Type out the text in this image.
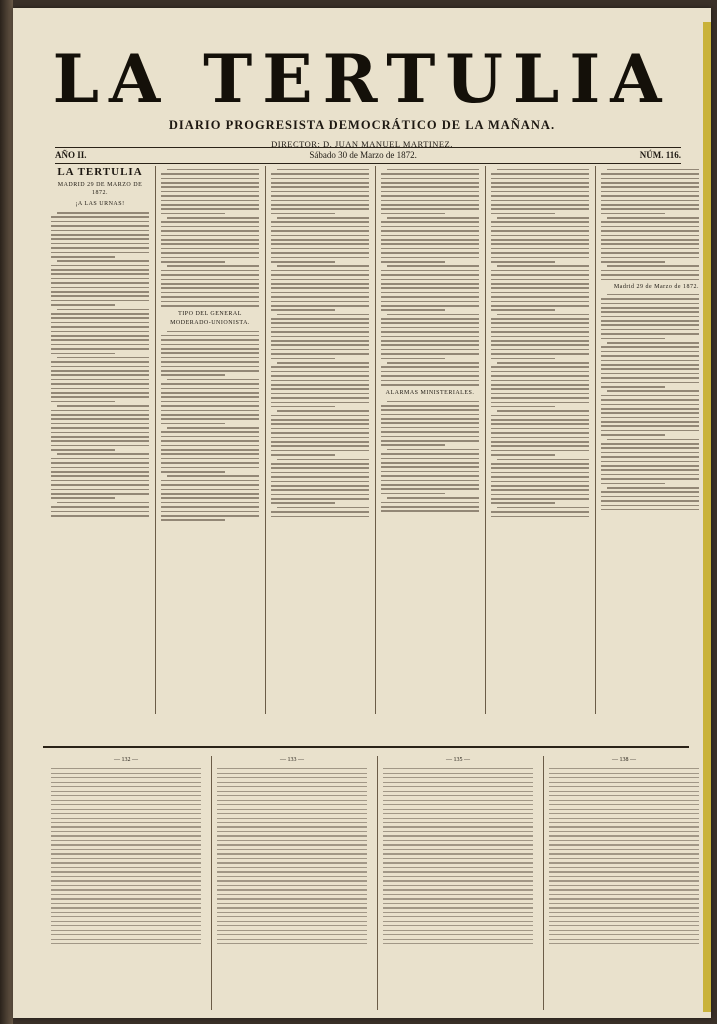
LA TERTULIA
DIARIO PROGRESISTA DEMOCRÁTICO DE LA MAÑANA.
DIRECTOR: D. JUAN MANUEL MARTINEZ.
AÑO II.	Sábado 30 de Marzo de 1872.	NÚM. 116.
LA TERTULIA
MADRID 29 DE MARZO DE 1872.
¡A LAS URNAS!
TIPO DEL GENERAL MODERADO-UNIONISTA.
ALARMAS MINISTERIALES.
Madrid 29 de Marzo de 1872.
— 132 —	— 133 —	— 135 —	— 138 —
